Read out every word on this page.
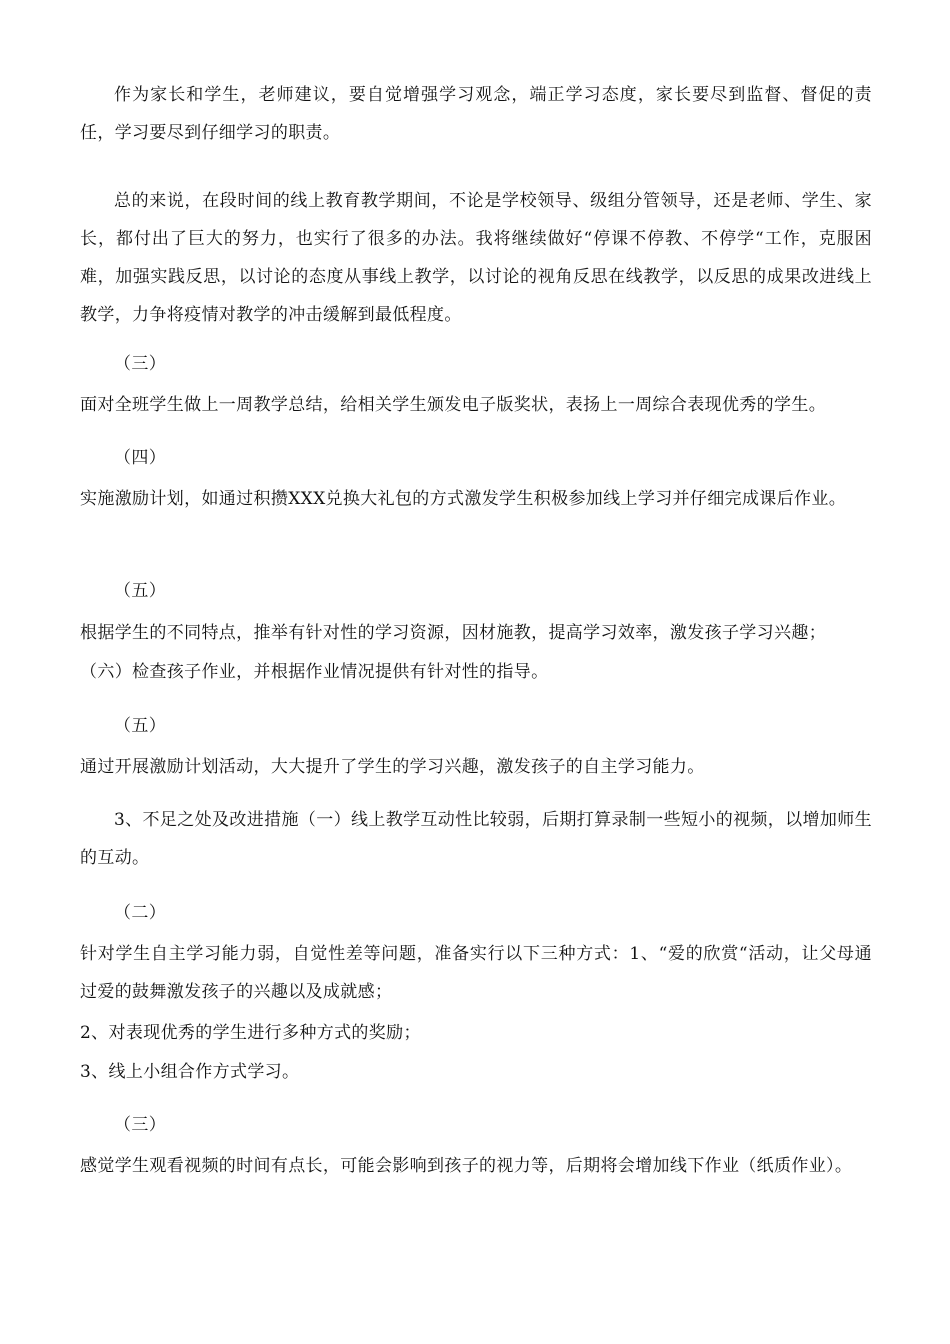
作为家长和学生，老师建议，要自觉增强学习观念，端正学习态度，家长要尽到监督、督促的责任，学习要尽到仔细学习的职责。

总的来说，在段时间的线上教育教学期间，不论是学校领导、级组分管领导，还是老师、学生、家长，都付出了巨大的努力，也实行了很多的办法。我将继续做好“停课不停教、不停学“工作，克服困难，加强实践反思，以讨论的态度从事线上教学，以讨论的视角反思在线教学，以反思的成果改进线上教学，力争将疫情对教学的冲击缓解到最低程度。

（三）

面对全班学生做上一周教学总结，给相关学生颁发电子版奖状，表扬上一周综合表现优秀的学生。

（四）

实施激励计划，如通过积攒XXX兑换大礼包的方式激发学生积极参加线上学习并仔细完成课后作业。

（五）

根据学生的不同特点，推举有针对性的学习资源，因材施教，提高学习效率，激发孩子学习兴趣；

（六）检查孩子作业，并根据作业情况提供有针对性的指导。

（五）

通过开展激励计划活动，大大提升了学生的学习兴趣，激发孩子的自主学习能力。

3、不足之处及改进措施（一）线上教学互动性比较弱，后期打算录制一些短小的视频，以增加师生的互动。

（二）

针对学生自主学习能力弱，自觉性差等问题，准备实行以下三种方式：1、“爱的欣赏“活动，让父母通过爱的鼓舞激发孩子的兴趣以及成就感；

2、对表现优秀的学生进行多种方式的奖励；

3、线上小组合作方式学习。

（三）

感觉学生观看视频的时间有点长，可能会影响到孩子的视力等，后期将会增加线下作业（纸质作业）。
